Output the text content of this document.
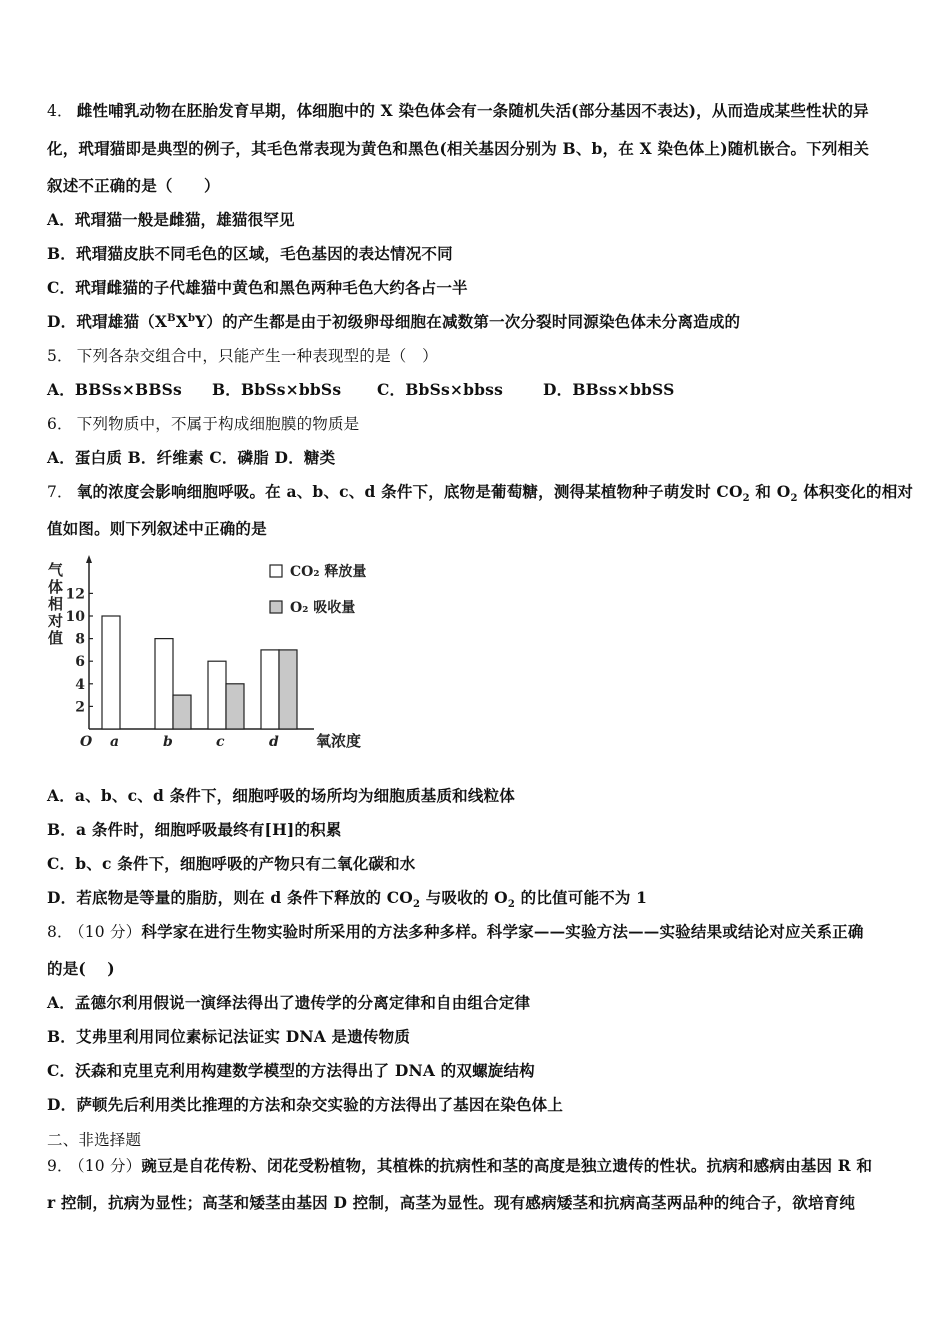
4． 雌性哺乳动物在胚胎发育早期，体细胞中的 X 染色体会有一条随机失活(部分基因不表达)，从而造成某些性状的异
化，玳瑁猫即是典型的例子，其毛色常表现为黄色和黑色(相关基因分别为 B、b，在 X 染色体上)随机嵌合。下列相关
叙述不正确的是（　　）
A．玳瑁猫一般是雌猫，雄猫很罕见
B．玳瑁猫皮肤不同毛色的区域，毛色基因的表达情况不同
C．玳瑁雌猫的子代雄猫中黄色和黑色两种毛色大约各占一半
D．玳瑁雄猫$(X^BX^bY)$的产生都是由于初级卵母细胞在减数第一次分裂时同源染色体未分离造成的
5． 下列各杂交组合中，只能产生一种表现型的是（　）
A．BBSs×BBSs B．BbSs×bbSs C．BbSs×bbss	D．BBss×bbSS
6． 下列物质中，不属于构成细胞膜的物质是
A．蛋白质 B．纤维素 C．磷脂 D．糖类
7． 氧的浓度会影响细胞呼吸。在 a、b、c、d 条件下，底物是葡萄糖，测得某植物种子萌发时 $CO_2$ 和 $O_2$ 体积变化的相对
值如图。则下列叙述中正确的是
气体相对值
O	氧浓度
2
4
6
8
10
12
a	b	c	d
CO₂ 释放量
O₂ 吸收量
A．a、b、c、d 条件下，细胞呼吸的场所均为细胞质基质和线粒体
B．a 条件时，细胞呼吸最终有[H]的积累
C．b、c 条件下，细胞呼吸的产物只有二氧化碳和水
D．若底物是等量的脂肪，则在 d 条件下释放的 $CO_2$ 与吸收的 $O_2$ 的比值可能不为 1
8． （10 分）科学家在进行生物实验时所采用的方法多种多样。科学家——实验方法——实验结果或结论对应关系正确
的是(　 )
A．孟德尔利用假说一演绎法得出了遗传学的分离定律和自由组合定律
B．艾弗里利用同位素标记法证实 DNA 是遗传物质
C．沃森和克里克利用构建数学模型的方法得出了 DNA 的双螺旋结构
D．萨顿先后利用类比推理的方法和杂交实验的方法得出了基因在染色体上
二、非选择题
9． （10 分）豌豆是自花传粉、闭花受粉植物，其植株的抗病性和茎的高度是独立遗传的性状。抗病和感病由基因 R 和
r 控制，抗病为显性；高茎和矮茎由基因 D 控制，高茎为显性。现有感病矮茎和抗病高茎两品种的纯合子，欲培育纯
